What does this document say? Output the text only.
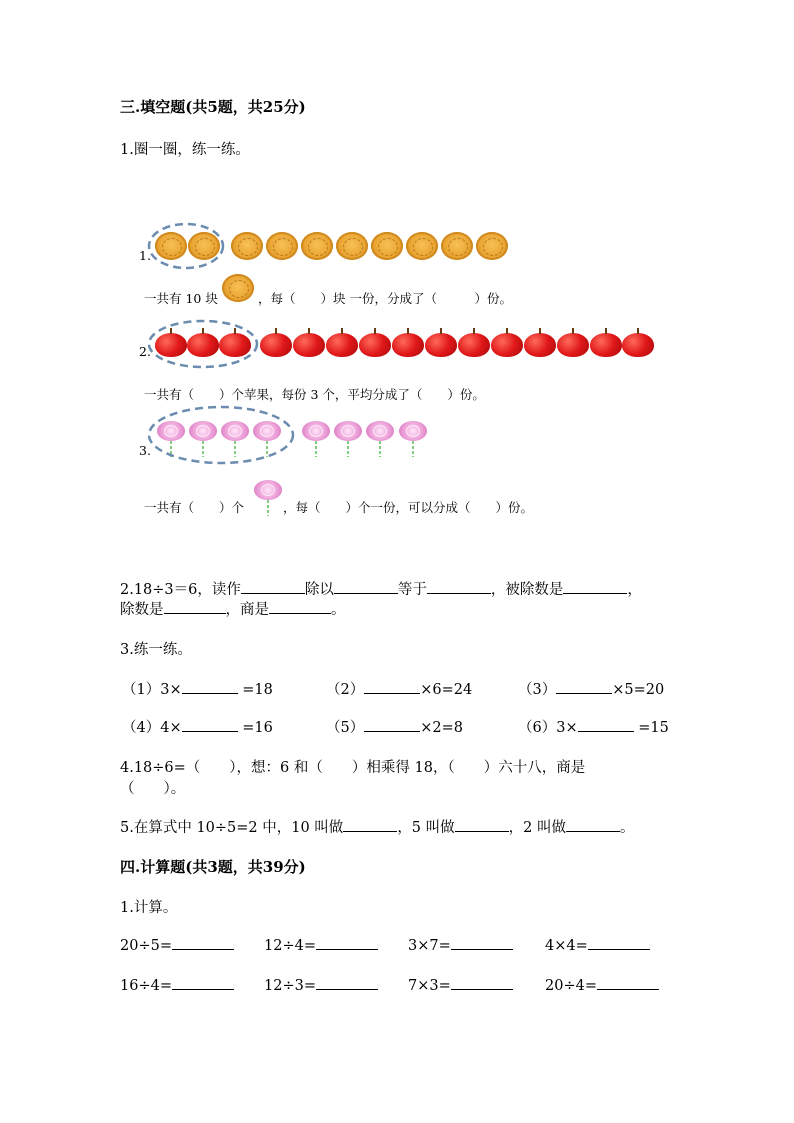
三.填空题(共5题，共25分)
1.圈一圈，练一练。
1.
一共有 10 块	，每（　　）块 一份，分成了（　　　）份。
2.
一共有（　　）个苹果，每份 3 个，平均分成了（　　）份。
3.
一共有（　　）个	，每（　　）个一份，可以分成（　　）份。
2.18÷3＝6，读作	除以	等于	，被除数是	，
除数是	，商是	。
3.练一练。
（1）3×	=18	（2）	×6=24	（3）	×5=20
（4）4×	=16	（5）	×2=8	（6）3×	=15
4.18÷6=（　　），想：6 和（　　）相乘得 18，（　　）六十八，商是
（　　）。
5.在算式中 10÷5=2 中，10 叫做	，5 叫做	，2 叫做	。
四.计算题(共3题，共39分)
1.计算。
20÷5=	12÷4=	3×7=	4×4=
16÷4=	12÷3=	7×3=	20÷4=
